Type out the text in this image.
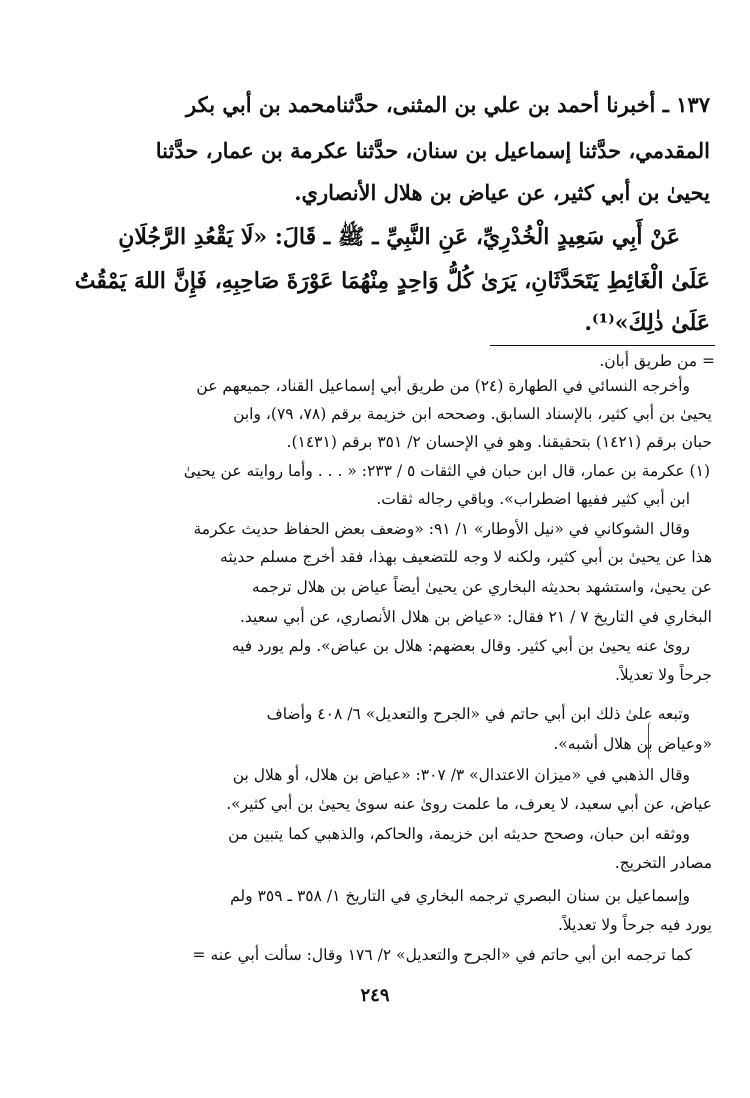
١٣٧ ـ أخبرنا أحمد بن علي بن المثنى، حدَّثنامحمد بن أبي بكر
المقدمي، حدَّثنا إسماعيل بن سنان، حدَّثنا عكرمة بن عمار، حدَّثنا
يحيىٰ بن أبي كثير، عن عياض بن هلال الأنصاري.
عَنْ أَبِي سَعِيدٍ الْخُدْرِيِّ، عَنِ النَّبِيِّ ـ ﷺ ـ قَالَ: «لَا يَقْعُدِ الرَّجُلَانِ
عَلَىٰ الْغَائِطِ يَتَحَدَّثَانِ، يَرَىٰ كُلُّ وَاحِدٍ مِنْهُمَا عَوْرَةَ صَاحِبِهِ، فَإِنَّ اللهَ يَمْقُتُ
عَلَىٰ ذٰلِكَ»⁽¹⁾.
= من طريق أبان.
وأخرجه النسائي في الطهارة (٢٤) من طريق أبي إسماعيل القناد، جميعهم عن
يحيىٰ بن أبي كثير، بالإسناد السابق. وصححه ابن خزيمة برقم (٧٨، ٧٩)، وابن
حبان برقم (١٤٢١) بتحقيقنا. وهو في الإحسان ٢/ ٣٥١ برقم (١٤٣١).
(١) عكرمة بن عمار، قال ابن حبان في الثقات ٥ / ٢٣٣: « . . . وأما روايته عن يحيىٰ
ابن أبي كثير ففيها اضطراب». وباقي رجاله ثقات.
وقال الشوكاني في «نيل الأوطار» ١/ ٩١: «وضعف بعض الحفاظ حديث عكرمة
هذا عن يحيىٰ بن أبي كثير، ولكنه لا وجه للتضعيف بهذا، فقد أخرج مسلم حديثه
عن يحيىٰ، واستشهد بحديثه البخاري عن يحيىٰ أيضاً عياض بن هلال ترجمه
البخاري في التاريخ ٧ / ٢١ فقال: «عياض بن هلال الأنصاري، عن أبي سعيد.
روىٰ عنه يحيىٰ بن أبي كثير. وقال بعضهم: هلال بن عياض». ولم يورد فيه
جرحاً ولا تعديلاً.
وتبعه علىٰ ذلك ابن أبي حاتم في «الجرح والتعديل» ٦/ ٤٠٨ وأضاف
«وعياض بن هلال أشبه».
وقال الذهبي في «ميزان الاعتدال» ٣/ ٣٠٧: «عياض بن هلال، أو هلال بن
عياض، عن أبي سعيد، لا يعرف، ما علمت روىٰ عنه سوىٰ يحيىٰ بن أبي كثير».
ووثقه ابن حبان، وصحح حديثه ابن خزيمة، والحاكم، والذهبي كما يتبين من
مصادر التخريج.
وإسماعيل بن سنان البصري ترجمه البخاري في التاريخ ١/ ٣٥٨ ـ ٣٥٩ ولم
يورد فيه جرحاً ولا تعديلاً.
كما ترجمه ابن أبي حاتم في «الجرح والتعديل» ٢/ ١٧٦ وقال: سألت أبي عنه =
٢٤٩
